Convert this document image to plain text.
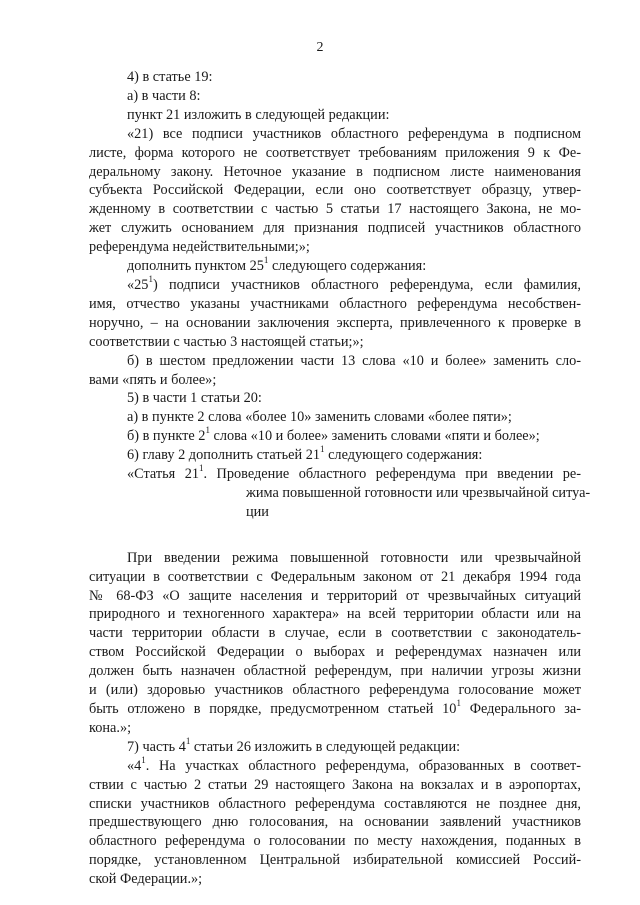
2
4) в статье 19:
а) в части 8:
пункт 21 изложить в следующей редакции:
«21) все подписи участников областного референдума в подписном
листе, форма которого не соответствует требованиям приложения 9 к Фе-
деральному закону. Неточное указание в подписном листе наименования
субъекта Российской Федерации, если оно соответствует образцу, утвер-
жденному в соответствии с частью 5 статьи 17 настоящего Закона, не мо-
жет служить основанием для признания подписей участников областного
референдума недействительными;»;
дополнить пунктом $25^1$ следующего содержания:
«$25^1$) подписи участников областного референдума, если фамилия,
имя, отчество указаны участниками областного референдума несобствен-
норучно, – на основании заключения эксперта, привлеченного к проверке в
соответствии с частью 3 настоящей статьи;»;
б) в шестом предложении части 13 слова «10 и более» заменить сло-
вами «пять и более»;
5) в части 1 статьи 20:
а) в пункте 2 слова «более 10» заменить словами «более пяти»;
б) в пункте $2^1$ слова «10 и более» заменить словами «пяти и более»;
6) главу 2 дополнить статьей $21^1$ следующего содержания:
«Статья $21^1$. Проведение областного референдума при введении ре-
жима повышенной готовности или чрезвычайной ситуа-
ции
При введении режима повышенной готовности или чрезвычайной
ситуации в соответствии с Федеральным законом от 21 декабря 1994 года
№ 68-ФЗ «О защите населения и территорий от чрезвычайных ситуаций
природного и техногенного характера» на всей территории области или на
части территории области в случае, если в соответствии с законодатель-
ством Российской Федерации о выборах и референдумах назначен или
должен быть назначен областной референдум, при наличии угрозы жизни
и (или) здоровью участников областного референдума голосование может
быть отложено в порядке, предусмотренном статьей $10^1$ Федерального за-
кона.»;
7) часть $4^1$ статьи 26 изложить в следующей редакции:
«$4^1$. На участках областного референдума, образованных в соответ-
ствии с частью 2 статьи 29 настоящего Закона на вокзалах и в аэропортах,
списки участников областного референдума составляются не позднее дня,
предшествующего дню голосования, на основании заявлений участников
областного референдума о голосовании по месту нахождения, поданных в
порядке, установленном Центральной избирательной комиссией Россий-
ской Федерации.»;
